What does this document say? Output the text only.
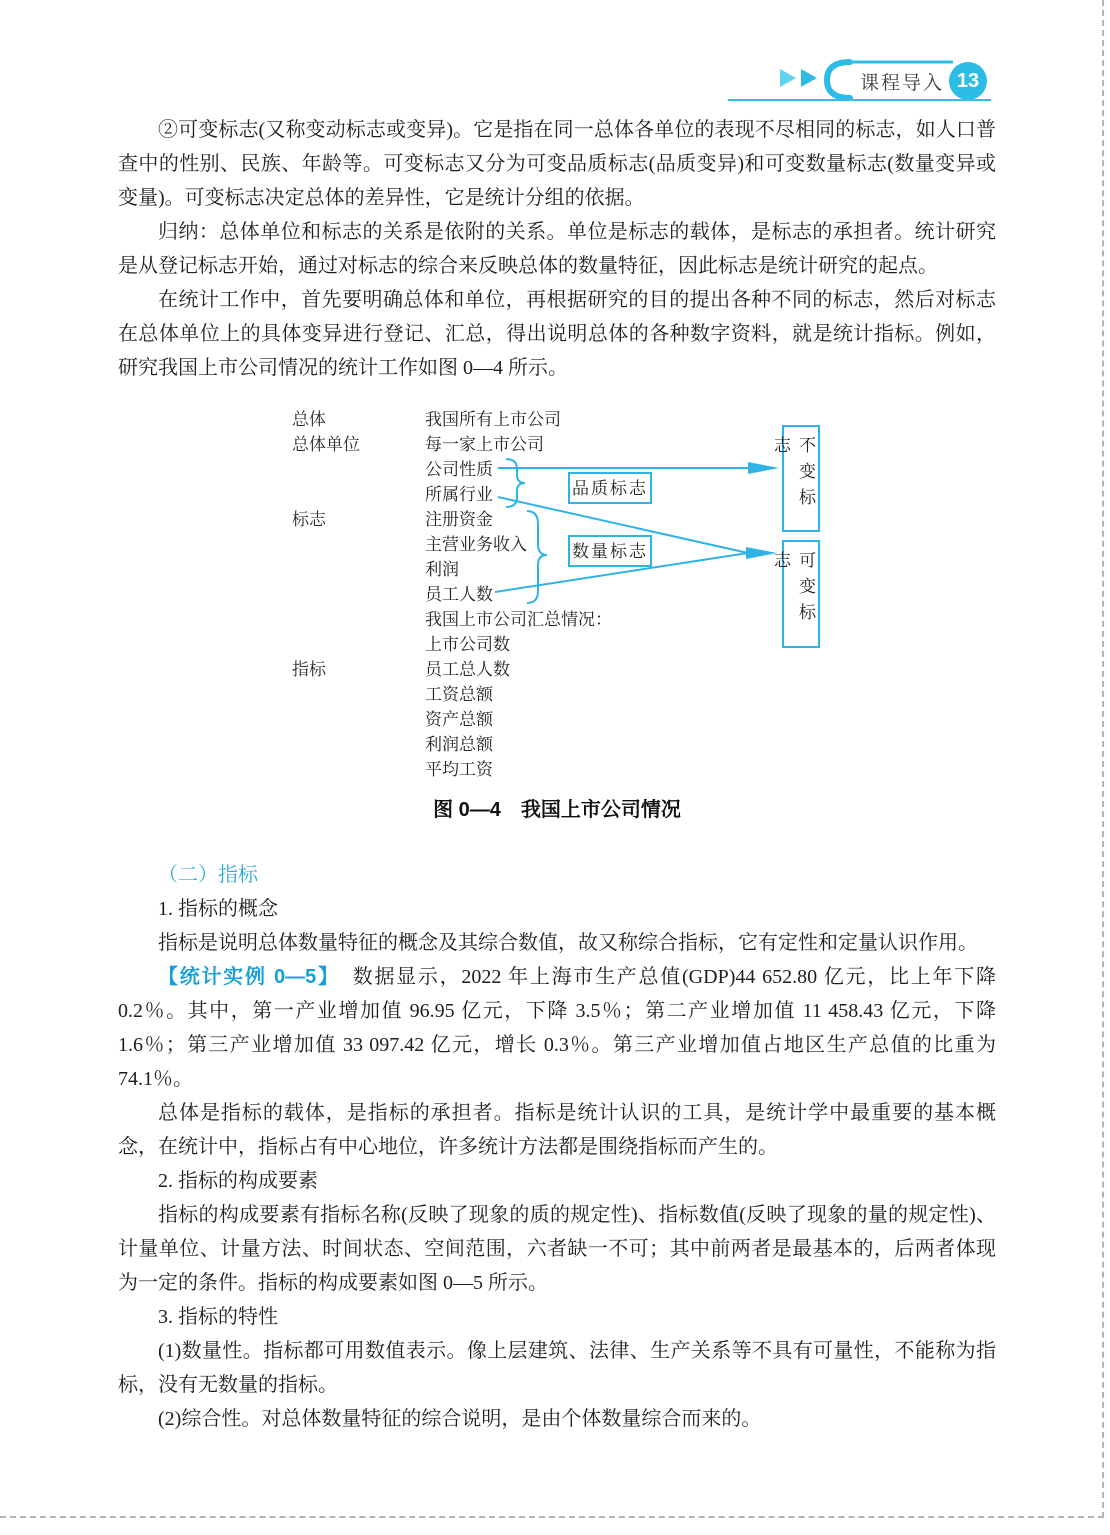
课程导入 13

②可变标志(又称变动标志或变异)。它是指在同一总体各单位的表现不尽相同的标志，如人口普查中的性别、民族、年龄等。可变标志又分为可变品质标志(品质变异)和可变数量标志(数量变异或变量)。可变标志决定总体的差异性，它是统计分组的依据。

归纳：总体单位和标志的关系是依附的关系。单位是标志的载体，是标志的承担者。统计研究是从登记标志开始，通过对标志的综合来反映总体的数量特征，因此标志是统计研究的起点。

在统计工作中，首先要明确总体和单位，再根据研究的目的提出各种不同的标志，然后对标志在总体单位上的具体变异进行登记、汇总，得出说明总体的各种数字资料，就是统计指标。例如，研究我国上市公司情况的统计工作如图 0—4 所示。

总体
总体单位
标志
指标
我国所有上市公司
每一家上市公司
公司性质
所属行业
注册资金
主营业务收入
利润
员工人数
我国上市公司汇总情况：
上市公司数
员工总人数
工资总额
资产总额
利润总额
平均工资
品质标志
数量标志
不变标志
可变标志
图 0—4　我国上市公司情况

（二）指标

1. 指标的概念

指标是说明总体数量特征的概念及其综合数值，故又称综合指标，它有定性和定量认识作用。

【统计实例 0—5】 数据显示，2022 年上海市生产总值(GDP)44 652.80 亿元，比上年下降 0.2％。其中，第一产业增加值 96.95 亿元，下降 3.5％；第二产业增加值 11 458.43 亿元，下降 1.6％；第三产业增加值 33 097.42 亿元，增长 0.3％。第三产业增加值占地区生产总值的比重为 74.1％。

总体是指标的载体，是指标的承担者。指标是统计认识的工具，是统计学中最重要的基本概念，在统计中，指标占有中心地位，许多统计方法都是围绕指标而产生的。

2. 指标的构成要素

指标的构成要素有指标名称(反映了现象的质的规定性)、指标数值(反映了现象的量的规定性)、计量单位、计量方法、时间状态、空间范围，六者缺一不可；其中前两者是最基本的，后两者体现为一定的条件。指标的构成要素如图 0—5 所示。

3. 指标的特性

(1)数量性。指标都可用数值表示。像上层建筑、法律、生产关系等不具有可量性，不能称为指标，没有无数量的指标。

(2)综合性。对总体数量特征的综合说明，是由个体数量综合而来的。
